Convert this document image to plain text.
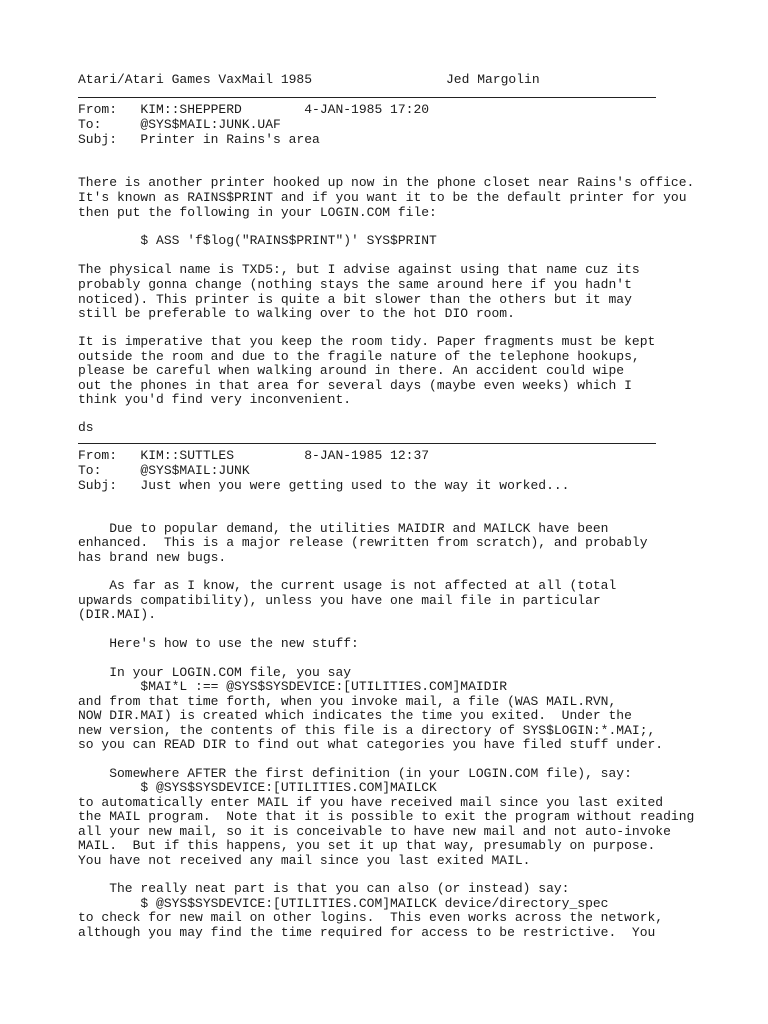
Atari/Atari Games VaxMail 1985	Jed Margolin
From:   KIM::SHEPPERD        4-JAN-1985 17:20
To:     @SYS$MAIL:JUNK.UAF
Subj:   Printer in Rains's area
There is another printer hooked up now in the phone closet near Rains's office.
It's known as RAINS$PRINT and if you want it to be the default printer for you
then put the following in your LOGIN.COM file:
$ ASS 'f$log("RAINS$PRINT")' SYS$PRINT
The physical name is TXD5:, but I advise against using that name cuz its
probably gonna change (nothing stays the same around here if you hadn't
noticed). This printer is quite a bit slower than the others but it may
still be preferable to walking over to the hot DIO room.
It is imperative that you keep the room tidy. Paper fragments must be kept
outside the room and due to the fragile nature of the telephone hookups,
please be careful when walking around in there. An accident could wipe
out the phones in that area for several days (maybe even weeks) which I
think you'd find very inconvenient.
ds
From:   KIM::SUTTLES         8-JAN-1985 12:37
To:     @SYS$MAIL:JUNK
Subj:   Just when you were getting used to the way it worked...
Due to popular demand, the utilities MAIDIR and MAILCK have been
enhanced.  This is a major release (rewritten from scratch), and probably
has brand new bugs.
As far as I know, the current usage is not affected at all (total
upwards compatibility), unless you have one mail file in particular
(DIR.MAI).
Here's how to use the new stuff:
In your LOGIN.COM file, you say
$MAI*L :== @SYS$SYSDEVICE:[UTILITIES.COM]MAIDIR
and from that time forth, when you invoke mail, a file (WAS MAIL.RVN,
NOW DIR.MAI) is created which indicates the time you exited.  Under the
new version, the contents of this file is a directory of SYS$LOGIN:*.MAI;,
so you can READ DIR to find out what categories you have filed stuff under.
Somewhere AFTER the first definition (in your LOGIN.COM file), say:
$ @SYS$SYSDEVICE:[UTILITIES.COM]MAILCK
to automatically enter MAIL if you have received mail since you last exited
the MAIL program.  Note that it is possible to exit the program without reading
all your new mail, so it is conceivable to have new mail and not auto-invoke
MAIL.  But if this happens, you set it up that way, presumably on purpose.
You have not received any mail since you last exited MAIL.
The really neat part is that you can also (or instead) say:
$ @SYS$SYSDEVICE:[UTILITIES.COM]MAILCK device/directory_spec
to check for new mail on other logins.  This even works across the network,
although you may find the time required for access to be restrictive.  You
